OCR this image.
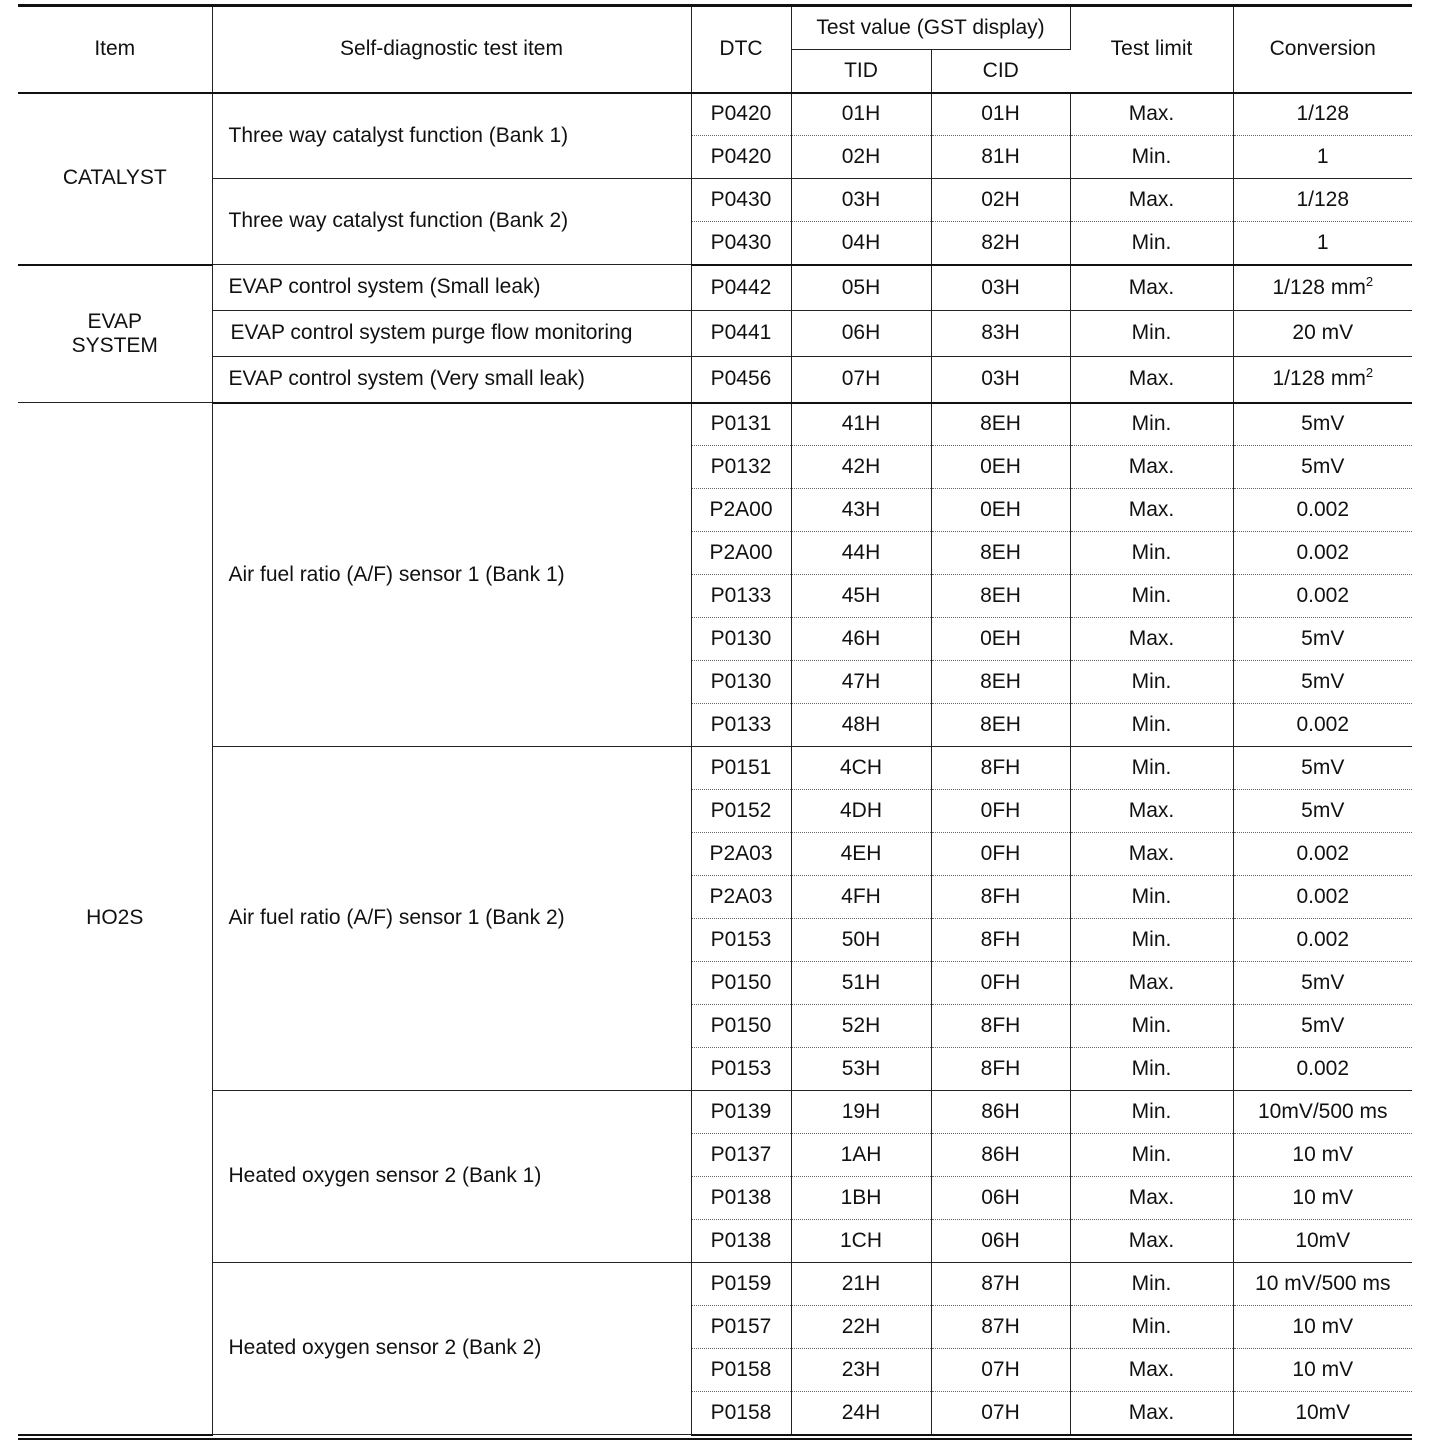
Item	Self-diagnostic test item	DTC	Test value (GST display)		Test limit	Conversion
			TID	CID		
CATALYST	Three way catalyst function (Bank 1)	P0420	01H	01H	Max.	1/128
		P0420	02H	81H	Min.	1
	Three way catalyst function (Bank 2)	P0430	03H	02H	Max.	1/128
		P0430	04H	82H	Min.	1
EVAP
SYSTEM	EVAP control system (Small leak)	P0442	05H	03H	Max.	1/128 $mm^2$
	EVAP control system purge flow monitoring	P0441	06H	83H	Min.	20 mV
	EVAP control system (Very small leak)	P0456	07H	03H	Max.	1/128 $mm^2$
HO2S	Air fuel ratio (A/F) sensor 1 (Bank 1)	P0131	41H	8EH	Min.	5mV
		P0132	42H	0EH	Max.	5mV
		P2A00	43H	0EH	Max.	0.002
		P2A00	44H	8EH	Min.	0.002
		P0133	45H	8EH	Min.	0.002
		P0130	46H	0EH	Max.	5mV
		P0130	47H	8EH	Min.	5mV
		P0133	48H	8EH	Min.	0.002
	Air fuel ratio (A/F) sensor 1 (Bank 2)	P0151	4CH	8FH	Min.	5mV
		P0152	4DH	0FH	Max.	5mV
		P2A03	4EH	0FH	Max.	0.002
		P2A03	4FH	8FH	Min.	0.002
		P0153	50H	8FH	Min.	0.002
		P0150	51H	0FH	Max.	5mV
		P0150	52H	8FH	Min.	5mV
		P0153	53H	8FH	Min.	0.002
	Heated oxygen sensor 2 (Bank 1)	P0139	19H	86H	Min.	10mV/500 ms
		P0137	1AH	86H	Min.	10 mV
		P0138	1BH	06H	Max.	10 mV
		P0138	1CH	06H	Max.	10mV
	Heated oxygen sensor 2 (Bank 2)	P0159	21H	87H	Min.	10 mV/500 ms
		P0157	22H	87H	Min.	10 mV
		P0158	23H	07H	Max.	10 mV
		P0158	24H	07H	Max.	10mV
